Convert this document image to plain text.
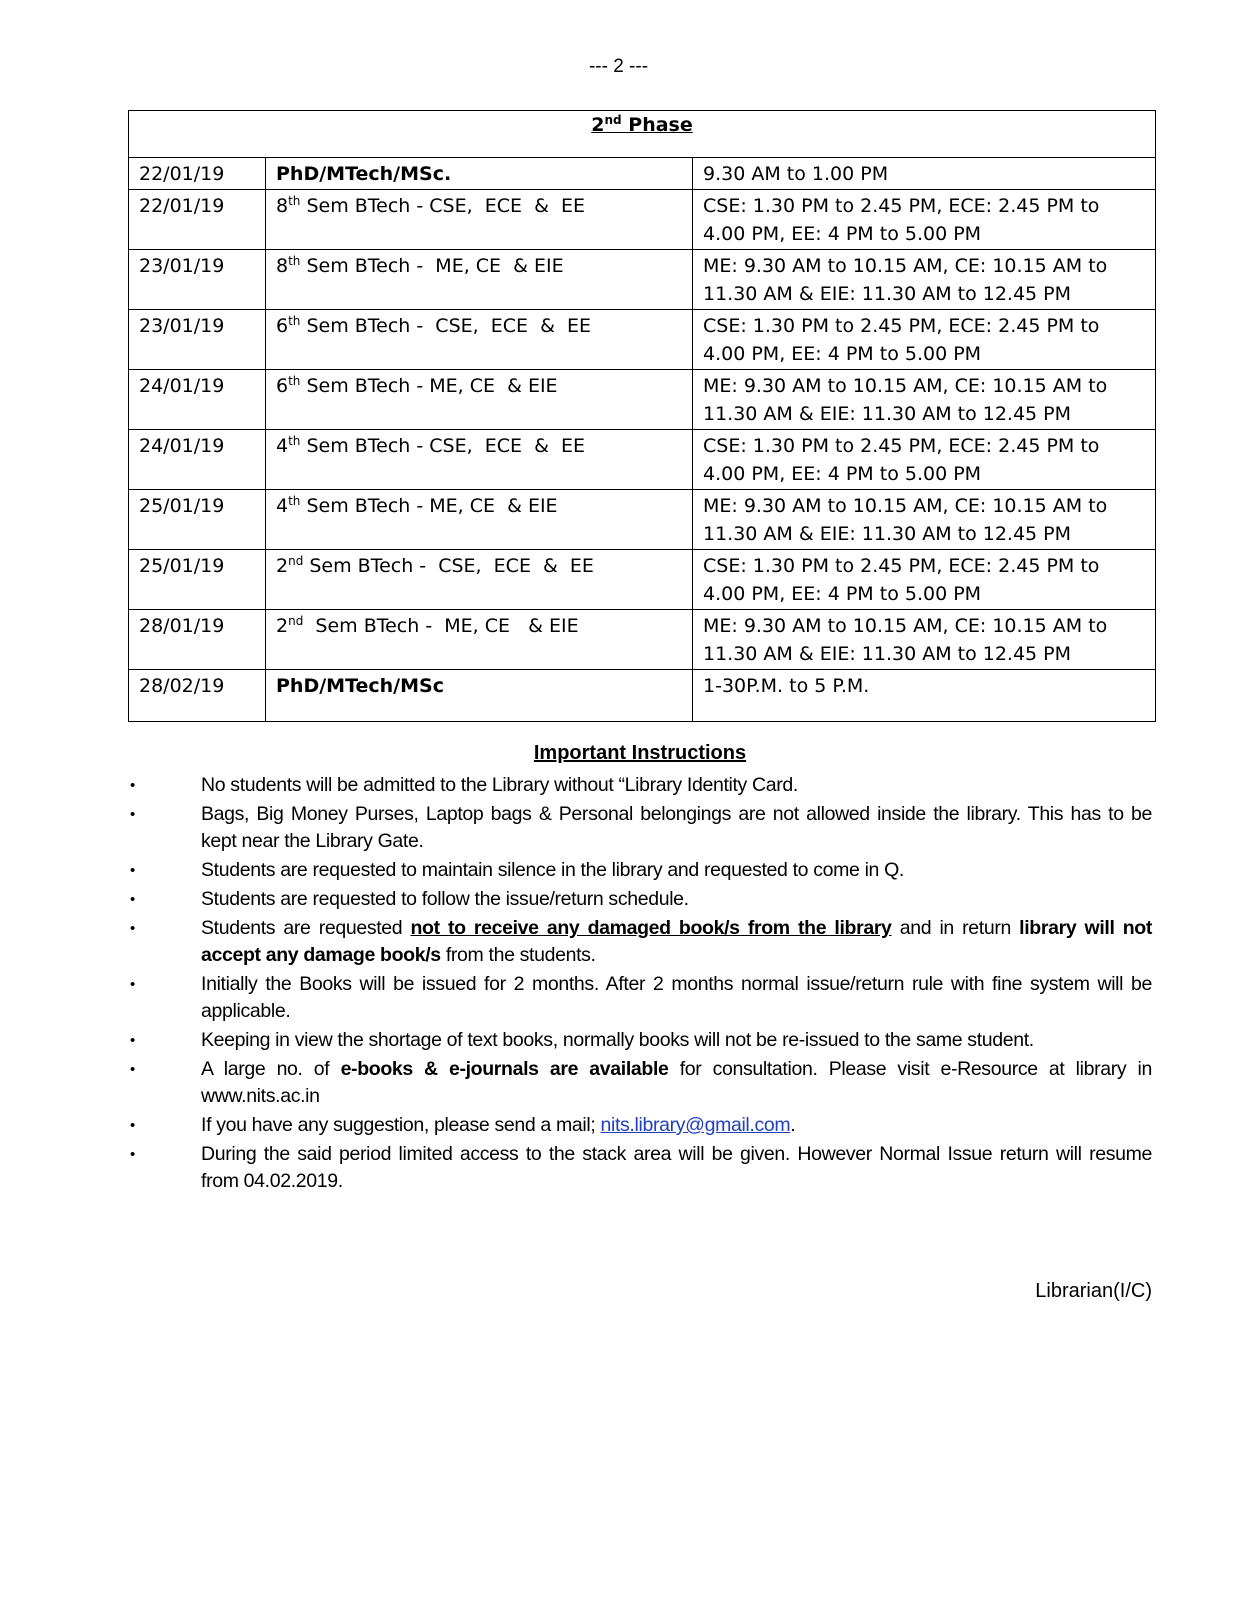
--- 2 ---
2nd Phase		
22/01/19	PhD/MTech/MSc.	9.30 AM to 1.00 PM

22/01/19	8th Sem BTech - CSE,  ECE  &  EE	CSE: 1.30 PM to 2.45 PM, ECE: 2.45 PM to
4.00 PM, EE: 4 PM to 5.00 PM

23/01/19	8th Sem BTech -  ME, CE  & EIE	ME: 9.30 AM to 10.15 AM, CE: 10.15 AM to
11.30 AM & EIE: 11.30 AM to 12.45 PM

23/01/19	6th Sem BTech -  CSE,  ECE  &  EE	CSE: 1.30 PM to 2.45 PM, ECE: 2.45 PM to
4.00 PM, EE: 4 PM to 5.00 PM

24/01/19	6th Sem BTech - ME, CE  & EIE	ME: 9.30 AM to 10.15 AM, CE: 10.15 AM to
11.30 AM & EIE: 11.30 AM to 12.45 PM

24/01/19	4th Sem BTech - CSE,  ECE  &  EE	CSE: 1.30 PM to 2.45 PM, ECE: 2.45 PM to
4.00 PM, EE: 4 PM to 5.00 PM

25/01/19	4th Sem BTech - ME, CE  & EIE	ME: 9.30 AM to 10.15 AM, CE: 10.15 AM to
11.30 AM & EIE: 11.30 AM to 12.45 PM

25/01/19	2nd Sem BTech -  CSE,  ECE  &  EE	CSE: 1.30 PM to 2.45 PM, ECE: 2.45 PM to
4.00 PM, EE: 4 PM to 5.00 PM

28/01/19	2nd  Sem BTech -  ME, CE   & EIE	ME: 9.30 AM to 10.15 AM, CE: 10.15 AM to
11.30 AM & EIE: 11.30 AM to 12.45 PM

28/02/19	PhD/MTech/MSc	1-30P.M. to 5 P.M.
Important Instructions
•	No students will be admitted to the Library without “Library Identity Card.
•	Bags, Big Money Purses, Laptop bags & Personal belongings are not allowed inside the library. This has to be kept near the Library Gate.
•	Students are requested to maintain silence in the library and requested to come in Q.
•	Students are requested to follow the issue/return schedule.
•	Students are requested not to receive any damaged book/s from the library and in return library will not accept any damage book/s from the students.
•	Initially the Books will be issued for 2 months. After 2 months normal issue/return rule with fine system will be applicable.
•	Keeping in view the shortage of text books, normally books will not be re-issued to the same student.
•	A large no. of e-books & e-journals are available for consultation. Please visit e-Resource at library in www.nits.ac.in
•	If you have any suggestion, please send a mail; nits.library@gmail.com.
•	During the said period limited access to the stack area will be given. However Normal Issue return will resume from 04.02.2019.
Librarian(I/C)
